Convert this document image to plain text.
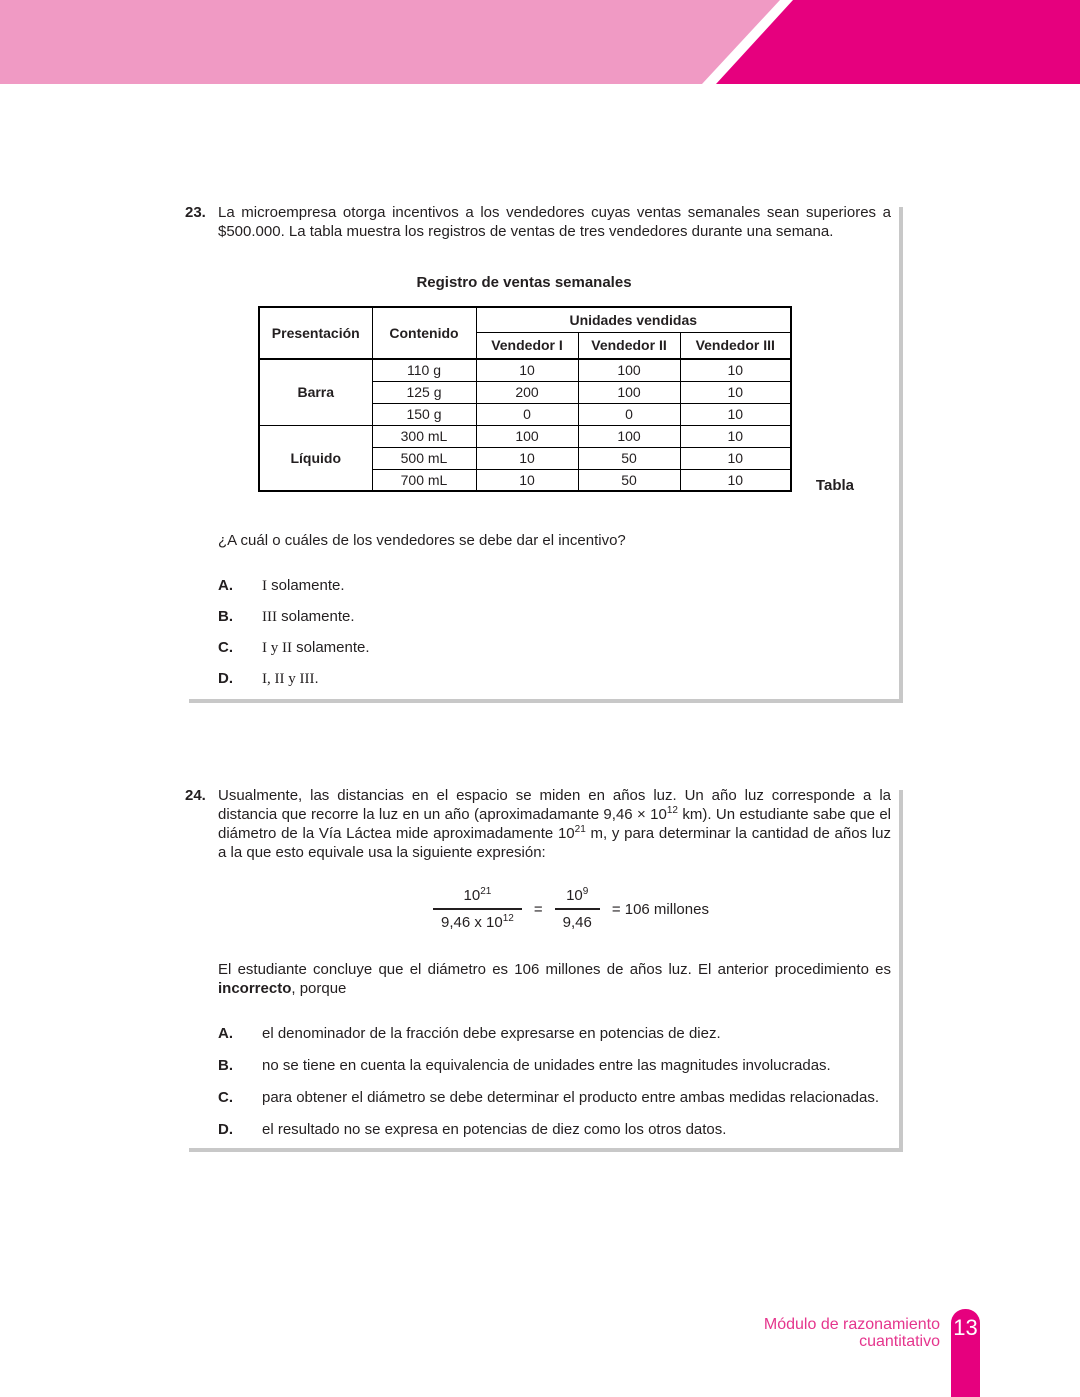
23. La microempresa otorga incentivos a los vendedores cuyas ventas semanales sean superiores a $500.000. La tabla muestra los registros de ventas de tres vendedores durante una semana.
Registro de ventas semanales
Presentación	Contenido	Unidades vendidas		
		Vendedor I	Vendedor II	Vendedor III
Barra	110 g	10	100	10
	125 g	200	100	10
	150 g	0	0	10
Líquido	300 mL	100	100	10
	500 mL	10	50	10
	700 mL	10	50	10	Tabla
¿A cuál o cuáles de los vendedores se debe dar el incentivo?
A.	I solamente.
B.	III solamente.
C.	I y II solamente.
D.	I, II y III.
24. Usualmente, las distancias en el espacio se miden en años luz. Un año luz corresponde a la distancia que recorre la luz en un año (aproximadamante $9,46 \times 10^{12}$ km). Un estudiante sabe que el diámetro de la Vía Láctea mide aproximadamente $10^{21}$ m, y para determinar la cantidad de años luz a la que esto equivale usa la siguiente expresión:
$\frac{10^{21}}{9,46 x 10^{12}} = \frac{10^9}{9,46} = 106$ millones
El estudiante concluye que el diámetro es 106 millones de años luz. El anterior procedimiento es incorrecto, porque
A.	el denominador de la fracción debe expresarse en potencias de diez.
B.	no se tiene en cuenta la equivalencia de unidades entre las magnitudes involucradas.
C.	para obtener el diámetro se debe determinar el producto entre ambas medidas relacionadas.
D.	el resultado no se expresa en potencias de diez como los otros datos.
Módulo de razonamiento
cuantitativo
13
